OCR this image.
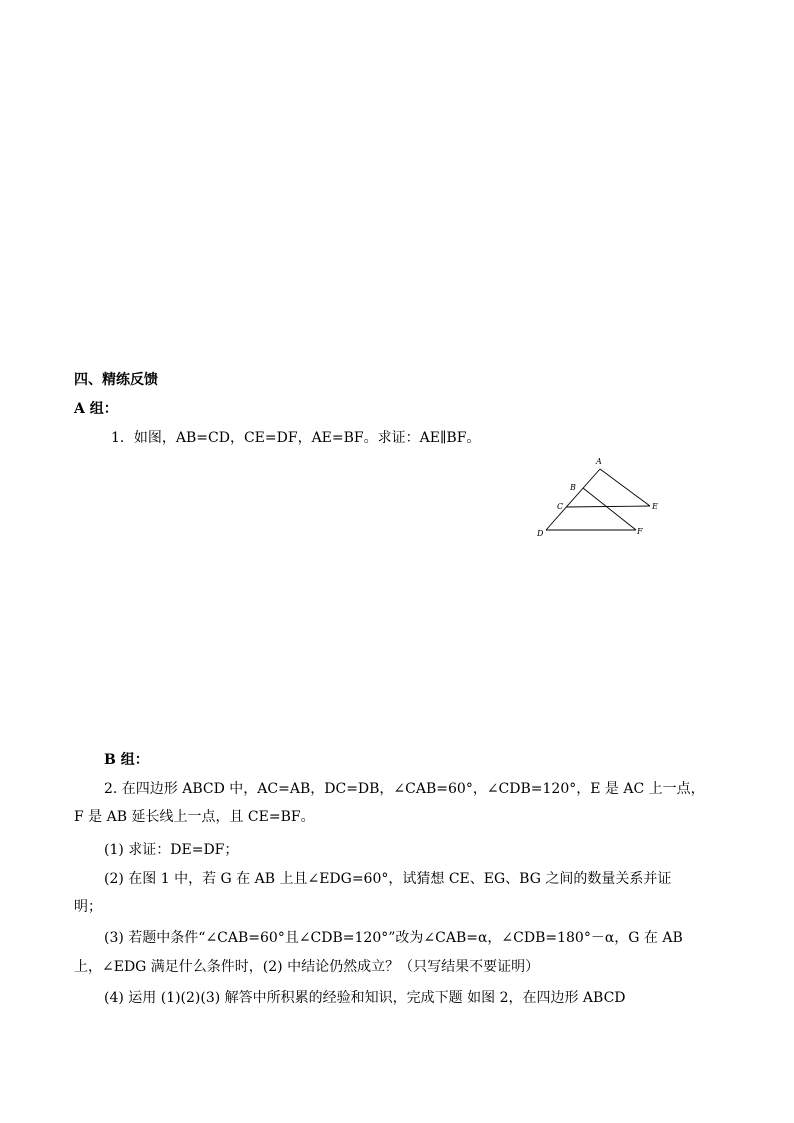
四、精练反馈
A 组：
1．如图，AB=CD，CE=DF，AE=BF。求证：AE∥BF。
A
B
C
D
E
F
B 组：
2. 在四边形 ABCD 中，AC=AB，DC=DB，∠CAB=60°，∠CDB=120°，E 是 AC 上一点，
F 是 AB 延长线上一点，且 CE=BF。
(1) 求证：DE=DF；
(2) 在图 1 中，若 G 在 AB 上且∠EDG=60°，试猜想 CE、EG、BG 之间的数量关系并证
明；
(3) 若题中条件“∠CAB=60°且∠CDB=120°”改为∠CAB=α，∠CDB=180°－α，G 在 AB
上，∠EDG 满足什么条件时，(2) 中结论仍然成立？（只写结果不要证明）
(4) 运用 (1)(2)(3) 解答中所积累的经验和知识，完成下题 如图 2，在四边形 ABCD
